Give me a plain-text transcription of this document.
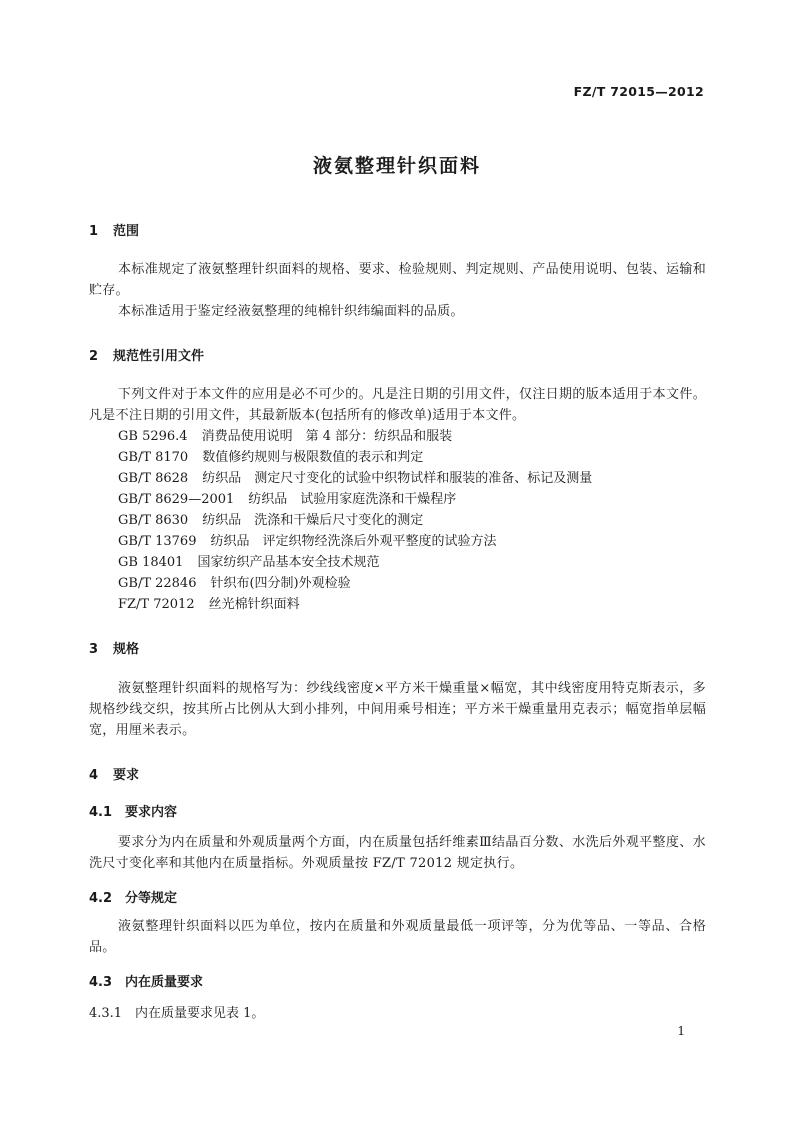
FZ/T 72015—2012
液氨整理针织面料
1 范围
本标准规定了液氨整理针织面料的规格、要求、检验规则、判定规则、产品使用说明、包装、运输和贮存。
本标准适用于鉴定经液氨整理的纯棉针织纬编面料的品质。
2 规范性引用文件
下列文件对于本文件的应用是必不可少的。凡是注日期的引用文件，仅注日期的版本适用于本文件。凡是不注日期的引用文件，其最新版本(包括所有的修改单)适用于本文件。
GB 5296.4 消费品使用说明　第 4 部分：纺织品和服装
GB/T 8170 数值修约规则与极限数值的表示和判定
GB/T 8628 纺织品　测定尺寸变化的试验中织物试样和服装的准备、标记及测量
GB/T 8629—2001 纺织品　试验用家庭洗涤和干燥程序
GB/T 8630 纺织品　洗涤和干燥后尺寸变化的测定
GB/T 13769 纺织品　评定织物经洗涤后外观平整度的试验方法
GB 18401 国家纺织产品基本安全技术规范
GB/T 22846 针织布(四分制)外观检验
FZ/T 72012 丝光棉针织面料
3 规格
液氨整理针织面料的规格写为：纱线线密度×平方米干燥重量×幅宽，其中线密度用特克斯表示，多规格纱线交织，按其所占比例从大到小排列，中间用乘号相连；平方米干燥重量用克表示；幅宽指单层幅宽，用厘米表示。
4 要求
4.1 要求内容
要求分为内在质量和外观质量两个方面，内在质量包括纤维素Ⅲ结晶百分数、水洗后外观平整度、水洗尺寸变化率和其他内在质量指标。外观质量按 FZ/T 72012 规定执行。
4.2 分等规定
液氨整理针织面料以匹为单位，按内在质量和外观质量最低一项评等，分为优等品、一等品、合格品。
4.3 内在质量要求
4.3.1 内在质量要求见表 1。
1
